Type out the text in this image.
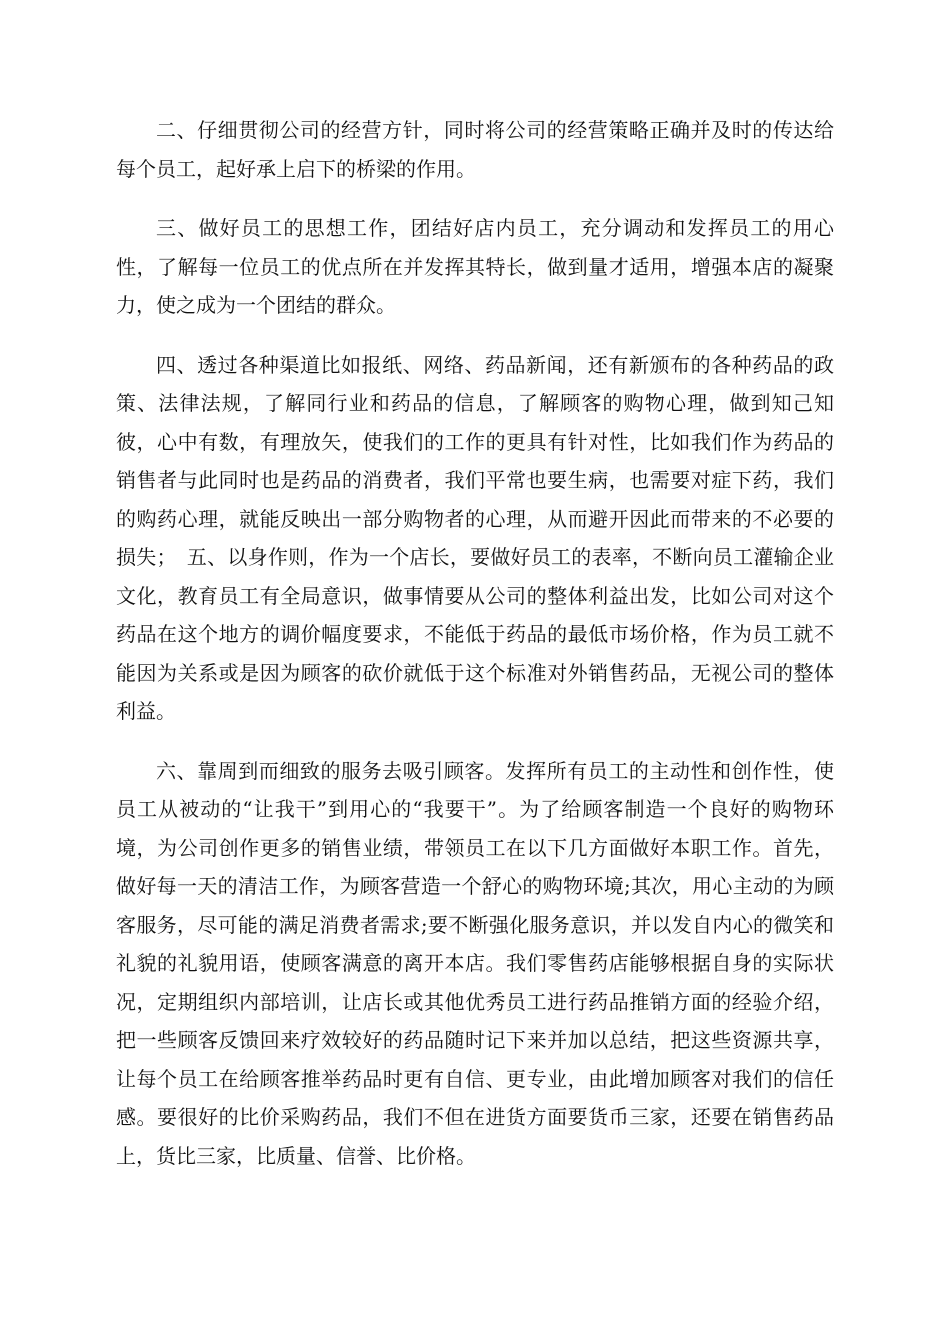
二、仔细贯彻公司的经营方针，同时将公司的经营策略正确并及时的传达给每个员工，起好承上启下的桥梁的作用。

三、做好员工的思想工作，团结好店内员工，充分调动和发挥员工的用心性，了解每一位员工的优点所在并发挥其特长，做到量才适用，增强本店的凝聚力，使之成为一个团结的群众。

四、透过各种渠道比如报纸、网络、药品新闻，还有新颁布的各种药品的政策、法律法规，了解同行业和药品的信息，了解顾客的购物心理，做到知己知彼，心中有数，有理放矢，使我们的工作的更具有针对性，比如我们作为药品的销售者与此同时也是药品的消费者，我们平常也要生病，也需要对症下药，我们的购药心理，就能反映出一部分购物者的心理，从而避开因此而带来的不必要的损失；　五、以身作则，作为一个店长，要做好员工的表率，不断向员工灌输企业文化，教育员工有全局意识，做事情要从公司的整体利益出发，比如公司对这个药品在这个地方的调价幅度要求，不能低于药品的最低市场价格，作为员工就不能因为关系或是因为顾客的砍价就低于这个标准对外销售药品，无视公司的整体利益。

六、靠周到而细致的服务去吸引顾客。发挥所有员工的主动性和创作性，使员工从被动的“让我干”到用心的“我要干”。为了给顾客制造一个良好的购物环境，为公司创作更多的销售业绩，带领员工在以下几方面做好本职工作。首先，做好每一天的清洁工作，为顾客营造一个舒心的购物环境;其次，用心主动的为顾客服务，尽可能的满足消费者需求;要不断强化服务意识，并以发自内心的微笑和礼貌的礼貌用语，使顾客满意的离开本店。我们零售药店能够根据自身的实际状况，定期组织内部培训，让店长或其他优秀员工进行药品推销方面的经验介绍，把一些顾客反馈回来疗效较好的药品随时记下来并加以总结，把这些资源共享，让每个员工在给顾客推举药品时更有自信、更专业，由此增加顾客对我们的信任感。要很好的比价采购药品，我们不但在进货方面要货币三家，还要在销售药品上，货比三家，比质量、信誉、比价格。
